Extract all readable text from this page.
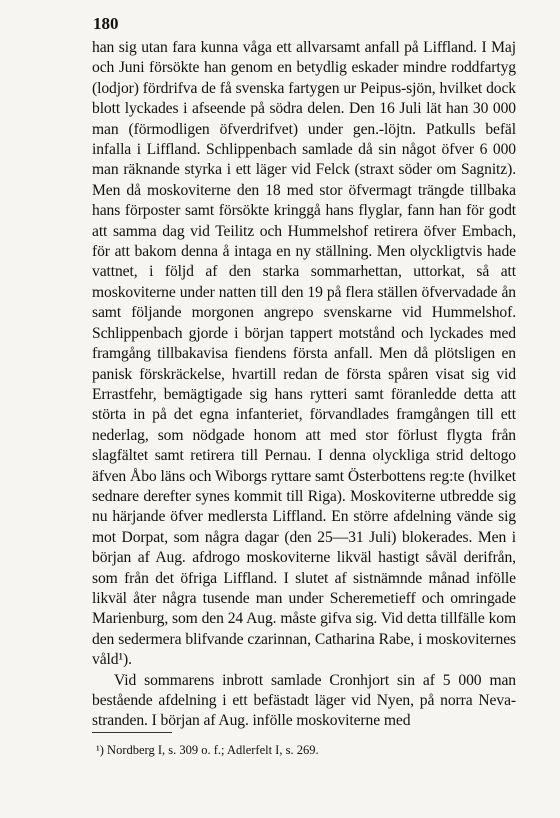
180

han sig utan fara kunna våga ett allvarsamt anfall på Liffland. I Maj och Juni försökte han genom en betydlig eskader mindre roddfartyg (lodjor) fördrifva de få svenska fartygen ur Peipus-sjön, hvilket dock blott lyckades i afseende på södra delen. Den 16 Juli lät han 30 000 man (förmodligen öfverdrifvet) under gen.-löjtn. Patkulls befäl infalla i Liffland. Schlippenbach samlade då sin något öfver 6 000 man räknande styrka i ett läger vid Felck (straxt söder om Sagnitz). Men då moskoviterne den 18 med stor öfvermagt trängde tillbaka hans förposter samt försökte kringgå hans flyglar, fann han för godt att samma dag vid Teilitz och Hummelshof retirera öfver Embach, för att bakom denna å intaga en ny ställning. Men olyckligtvis hade vattnet, i följd af den starka sommarhettan, uttorkat, så att moskoviterne under natten till den 19 på flera ställen öfvervadade ån samt följande morgonen angrepo svenskarne vid Hummelshof. Schlippenbach gjorde i början tappert motstånd och lyckades med framgång tillbakavisa fiendens första anfall. Men då plötsligen en panisk förskräckelse, hvartill redan de första spåren visat sig vid Errastfehr, bemägtigade sig hans rytteri samt föranledde detta att störta in på det egna infanteriet, förvandlades framgången till ett nederlag, som nödgade honom att med stor förlust flygta från slagfältet samt retirera till Pernau. I denna olyckliga strid deltogo äfven Åbo läns och Wiborgs ryttare samt Österbottens reg:te (hvilket sednare derefter synes kommit till Riga). Moskoviterne utbredde sig nu härjande öfver medlersta Liffland. En större afdelning vände sig mot Dorpat, som några dagar (den 25—31 Juli) blokerades. Men i början af Aug. afdrogo moskoviterne likväl hastigt såväl derifrån, som från det öfriga Liffland. I slutet af sistnämnde månad infölle likväl åter några tusende man under Scheremetieff och omringade Marienburg, som den 24 Aug. måste gifva sig. Vid detta tillfälle kom den sedermera blifvande czarinnan, Catharina Rabe, i moskoviternes våld¹).

Vid sommarens inbrott samlade Cronhjort sin af 5 000 man bestående afdelning i ett befästadt läger vid Nyen, på norra Neva-stranden. I början af Aug. infölle moskoviterne med

¹) Nordberg I, s. 309 o. f.; Adlerfelt I, s. 269.
